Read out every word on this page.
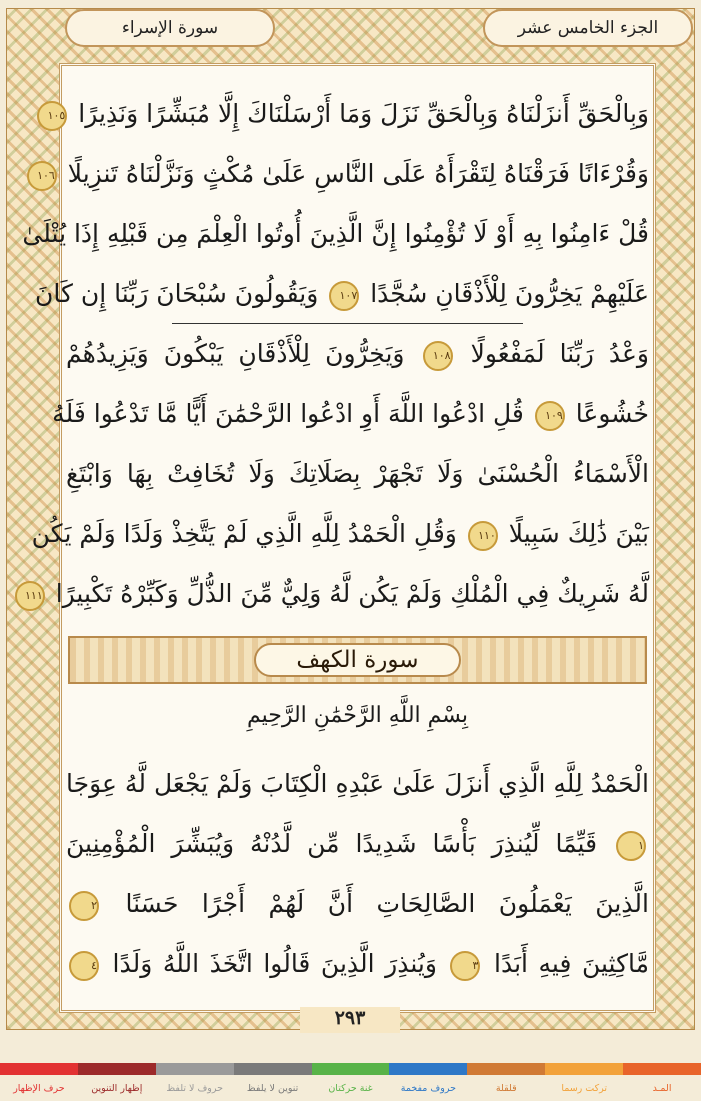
الجزء الخامس عشر
سورة الإسراء
وَبِالْحَقِّ أَنزَلْنَاهُ وَبِالْحَقِّ نَزَلَ وَمَا أَرْسَلْنَاكَ إِلَّا مُبَشِّرًا وَنَذِيرًا ١٠٥
وَقُرْءَانًا فَرَقْنَاهُ لِتَقْرَأَهُ عَلَى النَّاسِ عَلَىٰ مُكْثٍ وَنَزَّلْنَاهُ تَنزِيلًا ١٠٦
قُلْ ءَامِنُوا بِهِ أَوْ لَا تُؤْمِنُوا إِنَّ الَّذِينَ أُوتُوا الْعِلْمَ مِن قَبْلِهِ إِذَا يُتْلَىٰ
عَلَيْهِمْ يَخِرُّونَ لِلْأَذْقَانِ سُجَّدًا ١٠٧ وَيَقُولُونَ سُبْحَانَ رَبِّنَا إِن كَانَ
وَعْدُ رَبِّنَا لَمَفْعُولًا ١٠٨ وَيَخِرُّونَ لِلْأَذْقَانِ يَبْكُونَ وَيَزِيدُهُمْ
خُشُوعًا ١٠٩ قُلِ ادْعُوا اللَّهَ أَوِ ادْعُوا الرَّحْمَٰنَ أَيًّا مَّا تَدْعُوا فَلَهُ
الْأَسْمَاءُ الْحُسْنَىٰ وَلَا تَجْهَرْ بِصَلَاتِكَ وَلَا تُخَافِتْ بِهَا وَابْتَغِ
بَيْنَ ذَٰلِكَ سَبِيلًا ١١٠ وَقُلِ الْحَمْدُ لِلَّهِ الَّذِي لَمْ يَتَّخِذْ وَلَدًا وَلَمْ يَكُن
لَّهُ شَرِيكٌ فِي الْمُلْكِ وَلَمْ يَكُن لَّهُ وَلِيٌّ مِّنَ الذُّلِّ وَكَبِّرْهُ تَكْبِيرًا ١١١
سورة الكهف
بِسْمِ اللَّهِ الرَّحْمَٰنِ الرَّحِيمِ
الْحَمْدُ لِلَّهِ الَّذِي أَنزَلَ عَلَىٰ عَبْدِهِ الْكِتَابَ وَلَمْ يَجْعَل لَّهُ عِوَجَا
١ قَيِّمًا لِّيُنذِرَ بَأْسًا شَدِيدًا مِّن لَّدُنْهُ وَيُبَشِّرَ الْمُؤْمِنِينَ
الَّذِينَ يَعْمَلُونَ الصَّالِحَاتِ أَنَّ لَهُمْ أَجْرًا حَسَنًا ٢
مَّاكِثِينَ فِيهِ أَبَدًا ٣ وَيُنذِرَ الَّذِينَ قَالُوا اتَّخَذَ اللَّهُ وَلَدًا ٤
٢٩٣
المـد
تركت رسما
قلقلة
حروف مفخمة
غنة حركتان
تنوين لا يلفظ
حروف لا تلفظ
إظهار التنوين
حرف الإظهار
